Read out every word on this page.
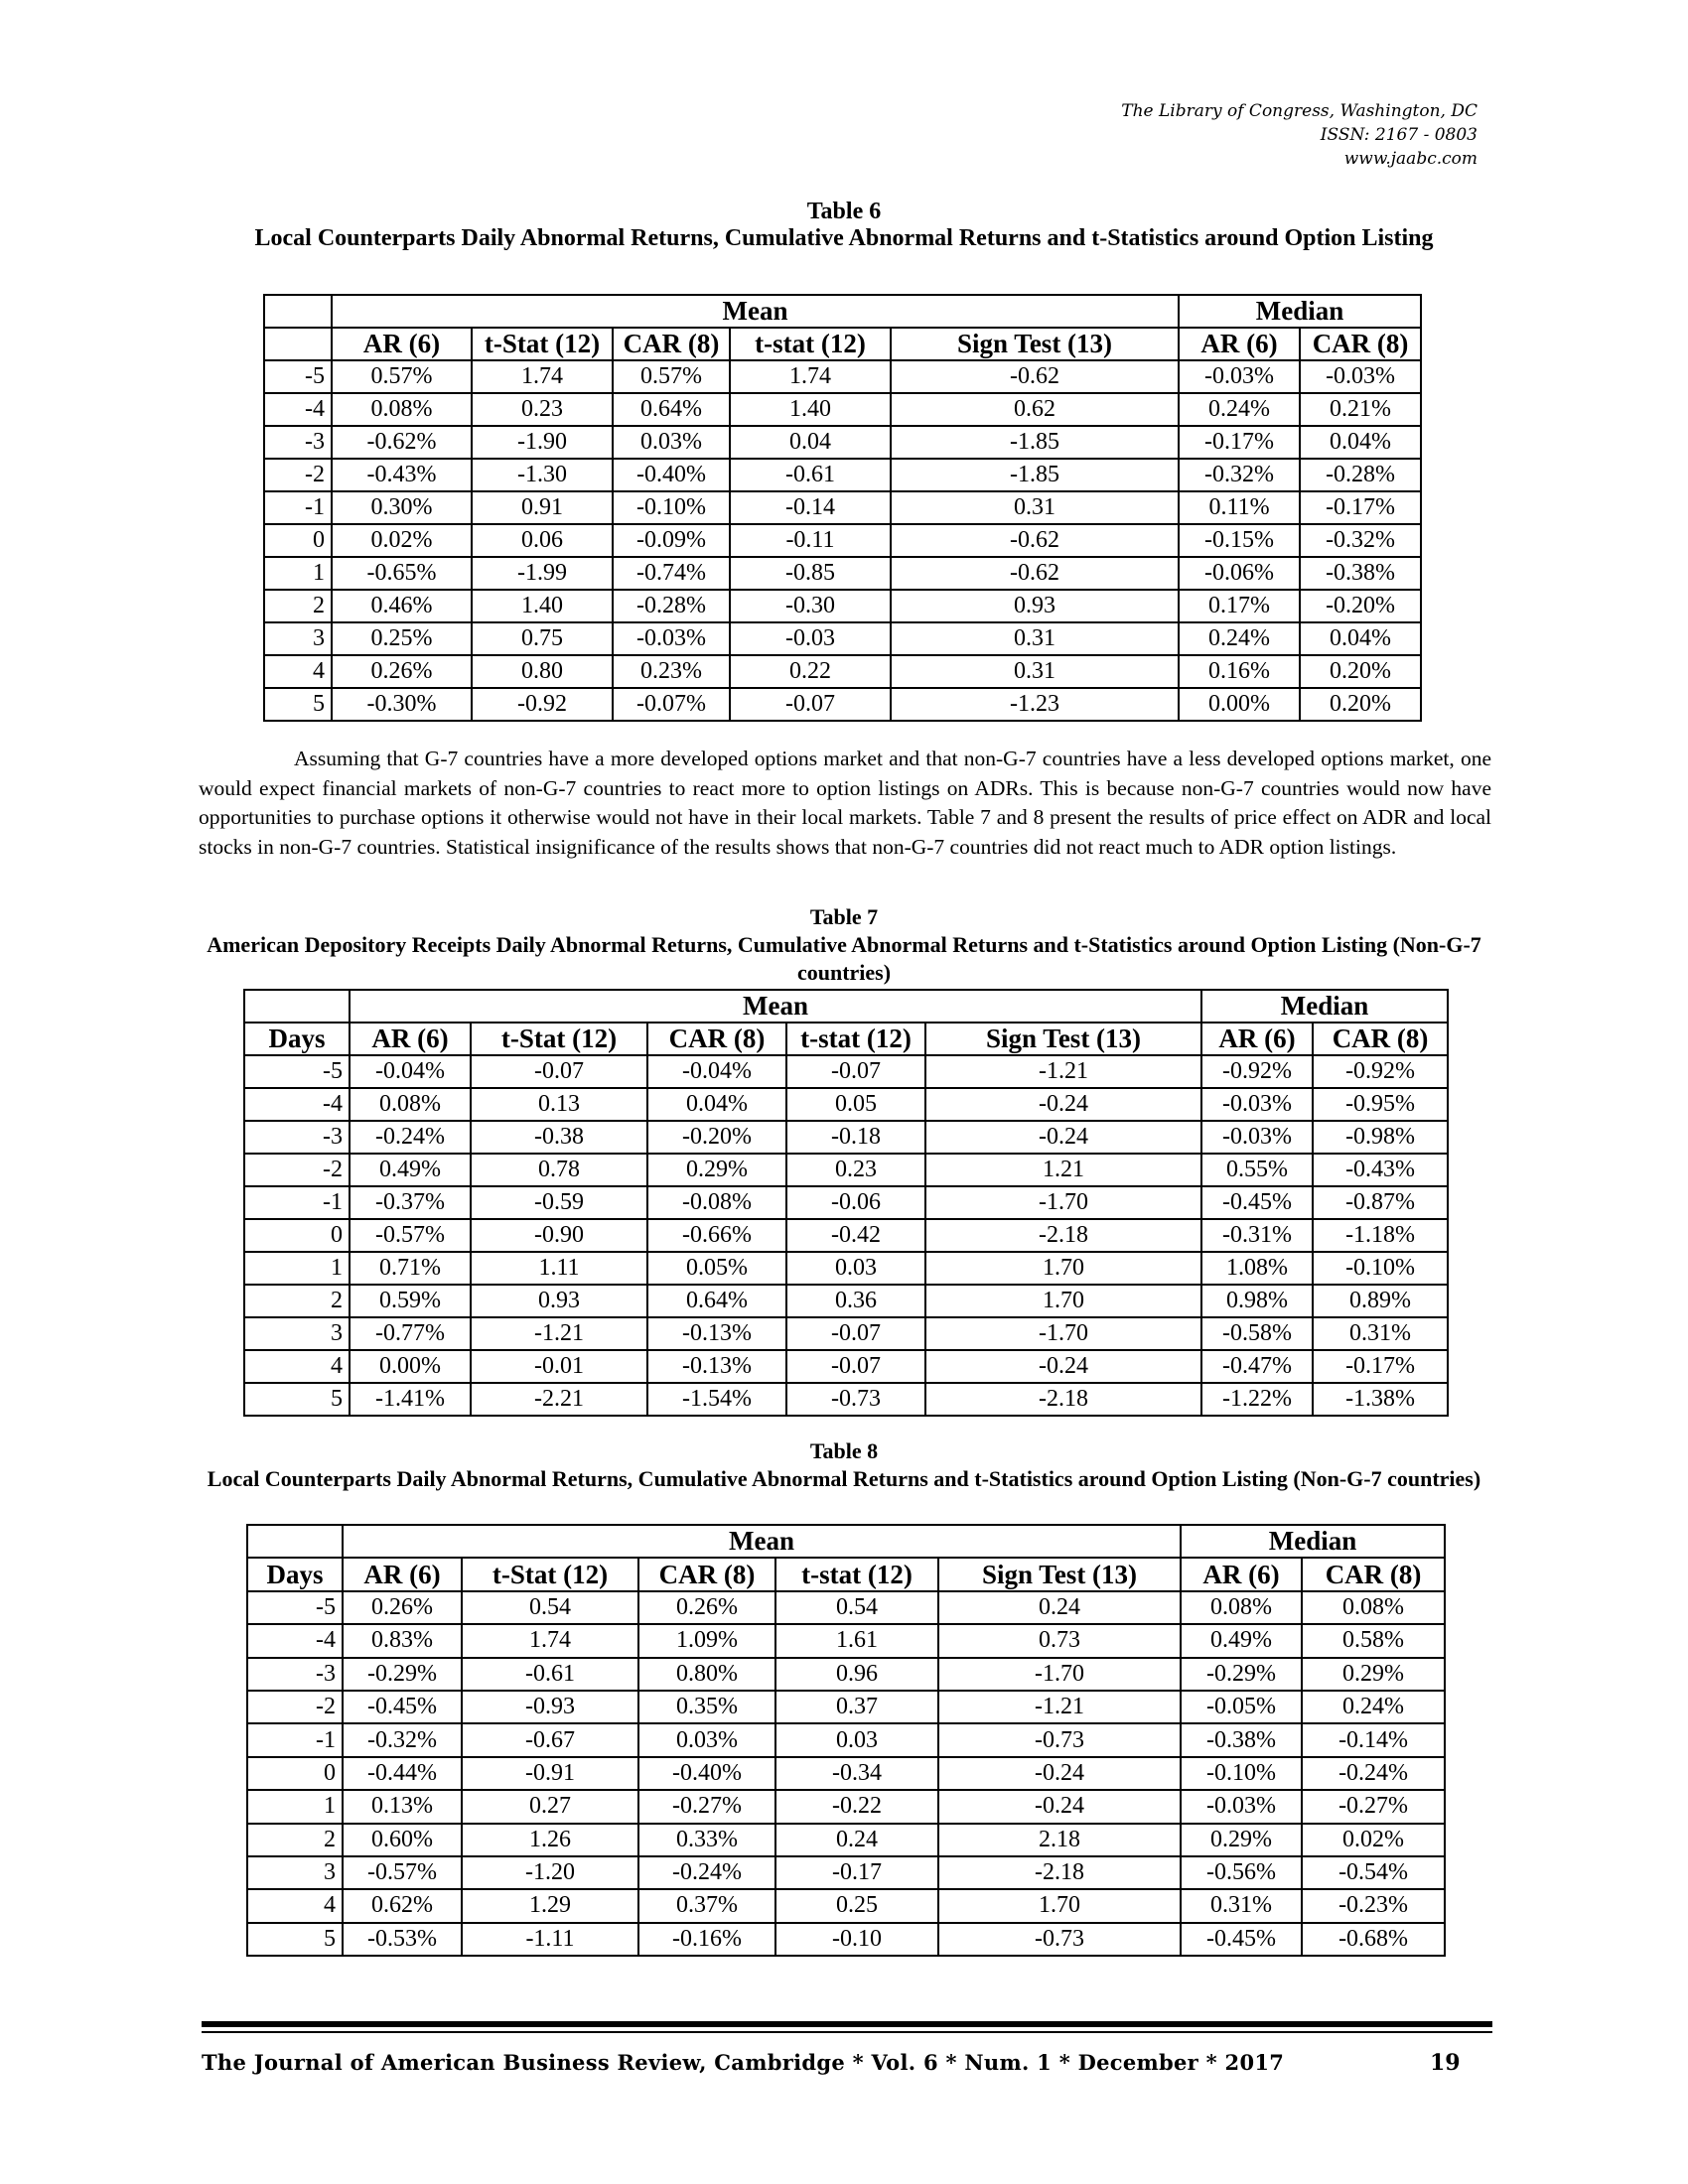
The Library of Congress, Washington, DC
ISSN: 2167 - 0803
www.jaabc.com
Table 6
Local Counterparts Daily Abnormal Returns, Cumulative Abnormal Returns and t-Statistics around Option Listing
	Mean					Median	
	AR (6)	t-Stat (12)	CAR (8)	t-stat (12)	Sign Test (13)	AR (6)	CAR (8)
-5	0.57%	1.74	0.57%	1.74	-0.62	-0.03%	-0.03%
-4	0.08%	0.23	0.64%	1.40	0.62	0.24%	0.21%
-3	-0.62%	-1.90	0.03%	0.04	-1.85	-0.17%	0.04%
-2	-0.43%	-1.30	-0.40%	-0.61	-1.85	-0.32%	-0.28%
-1	0.30%	0.91	-0.10%	-0.14	0.31	0.11%	-0.17%
0	0.02%	0.06	-0.09%	-0.11	-0.62	-0.15%	-0.32%
1	-0.65%	-1.99	-0.74%	-0.85	-0.62	-0.06%	-0.38%
2	0.46%	1.40	-0.28%	-0.30	0.93	0.17%	-0.20%
3	0.25%	0.75	-0.03%	-0.03	0.31	0.24%	0.04%
4	0.26%	0.80	0.23%	0.22	0.31	0.16%	0.20%
5	-0.30%	-0.92	-0.07%	-0.07	-1.23	0.00%	0.20%

Assuming that G-7 countries have a more developed options market and that non-G-7 countries have a less developed options market, one would expect financial markets of non-G-7 countries to react more to option listings on ADRs. This is because non-G-7 countries would now have opportunities to purchase options it otherwise would not have in their local markets. Table 7 and 8 present the results of price effect on ADR and local stocks in non-G-7 countries. Statistical insignificance of the results shows that non-G-7 countries did not react much to ADR option listings.

Table 7
American Depository Receipts Daily Abnormal Returns, Cumulative Abnormal Returns and t-Statistics around Option Listing (Non-G-7 countries)
	Mean					Median	
Days	AR (6)	t-Stat (12)	CAR (8)	t-stat (12)	Sign Test (13)	AR (6)	CAR (8)
-5	-0.04%	-0.07	-0.04%	-0.07	-1.21	-0.92%	-0.92%
-4	0.08%	0.13	0.04%	0.05	-0.24	-0.03%	-0.95%
-3	-0.24%	-0.38	-0.20%	-0.18	-0.24	-0.03%	-0.98%
-2	0.49%	0.78	0.29%	0.23	1.21	0.55%	-0.43%
-1	-0.37%	-0.59	-0.08%	-0.06	-1.70	-0.45%	-0.87%
0	-0.57%	-0.90	-0.66%	-0.42	-2.18	-0.31%	-1.18%
1	0.71%	1.11	0.05%	0.03	1.70	1.08%	-0.10%
2	0.59%	0.93	0.64%	0.36	1.70	0.98%	0.89%
3	-0.77%	-1.21	-0.13%	-0.07	-1.70	-0.58%	0.31%
4	0.00%	-0.01	-0.13%	-0.07	-0.24	-0.47%	-0.17%
5	-1.41%	-2.21	-1.54%	-0.73	-2.18	-1.22%	-1.38%
Table 8
Local Counterparts Daily Abnormal Returns, Cumulative Abnormal Returns and t-Statistics around Option Listing (Non-G-7 countries)
	Mean					Median	
Days	AR (6)	t-Stat (12)	CAR (8)	t-stat (12)	Sign Test (13)	AR (6)	CAR (8)
-5	0.26%	0.54	0.26%	0.54	0.24	0.08%	0.08%
-4	0.83%	1.74	1.09%	1.61	0.73	0.49%	0.58%
-3	-0.29%	-0.61	0.80%	0.96	-1.70	-0.29%	0.29%
-2	-0.45%	-0.93	0.35%	0.37	-1.21	-0.05%	0.24%
-1	-0.32%	-0.67	0.03%	0.03	-0.73	-0.38%	-0.14%
0	-0.44%	-0.91	-0.40%	-0.34	-0.24	-0.10%	-0.24%
1	0.13%	0.27	-0.27%	-0.22	-0.24	-0.03%	-0.27%
2	0.60%	1.26	0.33%	0.24	2.18	0.29%	0.02%
3	-0.57%	-1.20	-0.24%	-0.17	-2.18	-0.56%	-0.54%
4	0.62%	1.29	0.37%	0.25	1.70	0.31%	-0.23%
5	-0.53%	-1.11	-0.16%	-0.10	-0.73	-0.45%	-0.68%
The Journal of American Business Review, Cambridge * Vol. 6 * Num. 1 * December * 2017	19
